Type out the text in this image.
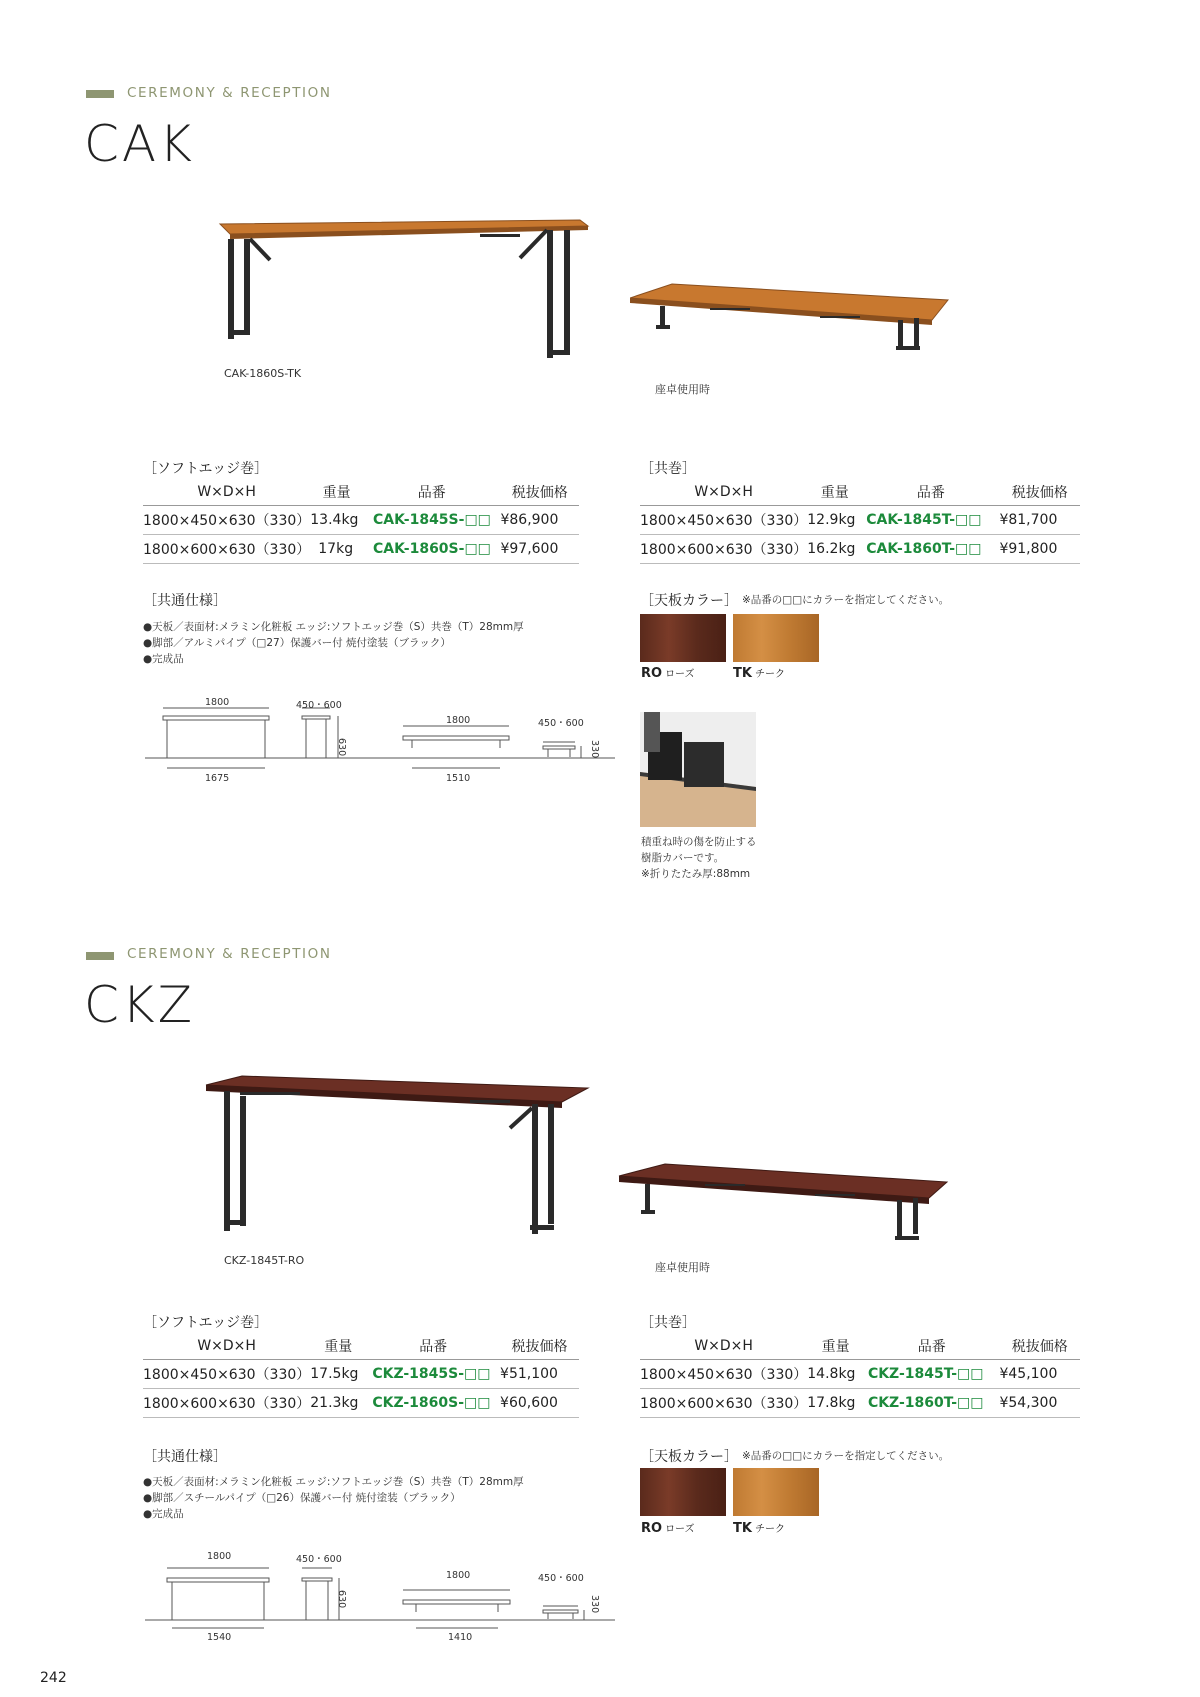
CEREMONY & RECEPTION
CAK
CAK-1860S-TK
座卓使用時
［ソフトエッジ巻］
W×D×H	重量	品番	税抜価格
1800×450×630（330）	13.4kg	CAK-1845S-□□	¥86,900
1800×600×630（330）	17kg	CAK-1860S-□□	¥97,600
［共巻］
W×D×H	重量	品番	税抜価格
1800×450×630（330）	12.9kg	CAK-1845T-□□	¥81,700
1800×600×630（330）	16.2kg	CAK-1860T-□□	¥91,800
［共通仕様］
●天板／表面材:メラミン化粧板 エッジ:ソフトエッジ巻（S）共巻（T）28mm厚
●脚部／アルミパイプ（□27）保護バー付 焼付塗装（ブラック）
●完成品
［天板カラー］ ※品番の□□にカラーを指定してください。
RO ローズ	TK チーク
1800	450・600
630
1675
1800	450・600
330
1510
積重ね時の傷を防止する
樹脂カバーです。
※折りたたみ厚:88mm
CEREMONY & RECEPTION
CKZ
CKZ-1845T-RO
座卓使用時
［ソフトエッジ巻］
W×D×H	重量	品番	税抜価格
1800×450×630（330）	17.5kg	CKZ-1845S-□□	¥51,100
1800×600×630（330）	21.3kg	CKZ-1860S-□□	¥60,600
［共巻］
W×D×H	重量	品番	税抜価格
1800×450×630（330）	14.8kg	CKZ-1845T-□□	¥45,100
1800×600×630（330）	17.8kg	CKZ-1860T-□□	¥54,300
［共通仕様］
●天板／表面材:メラミン化粧板 エッジ:ソフトエッジ巻（S）共巻（T）28mm厚
●脚部／スチールパイプ（□26）保護バー付 焼付塗装（ブラック）
●完成品
［天板カラー］ ※品番の□□にカラーを指定してください。
RO ローズ	TK チーク
1800	450・600
630
1540
1800	450・600
330
1410
242
